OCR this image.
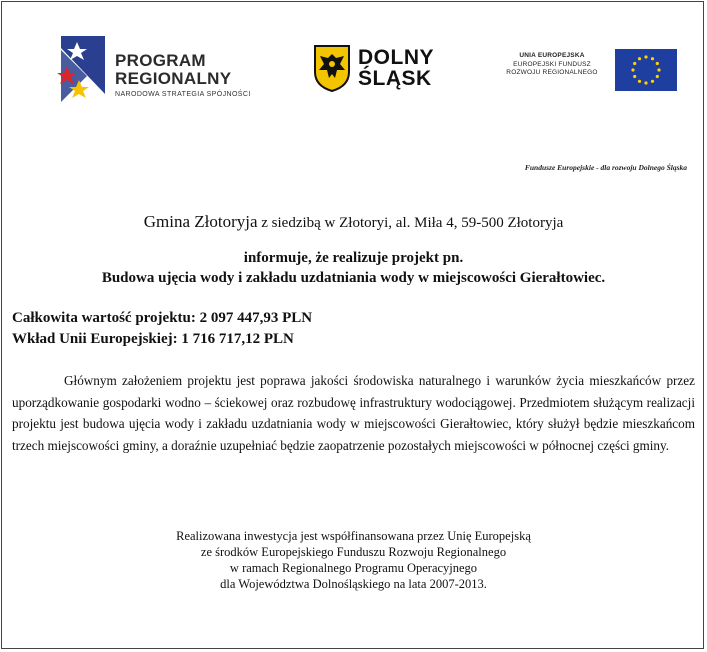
PROGRAM
REGIONALNY
NARODOWA STRATEGIA SPÓJNOŚCI
DOLNY
ŚLĄSK
UNIA EUROPEJSKA
EUROPEJSKI FUNDUSZ
ROZWOJU REGIONALNEGO
Fundusze Europejskie - dla rozwoju Dolnego Śląska
Gmina Złotoryja z siedzibą w Złotoryi, al. Miła 4, 59-500 Złotoryja
informuje, że realizuje projekt pn.
Budowa ujęcia wody i zakładu uzdatniania wody w miejscowości Gierałtowiec.
Całkowita wartość projektu: 2 097 447,93 PLN
Wkład Unii Europejskiej: 1 716 717,12 PLN
Głównym założeniem projektu jest poprawa jakości środowiska naturalnego i warunków życia mieszkańców przez uporządkowanie gospodarki wodno – ściekowej oraz rozbudowę infrastruktury wodociągowej. Przedmiotem służącym realizacji projektu jest budowa ujęcia wody i zakładu uzdatniania wody w miejscowości Gierałtowiec, który służył będzie mieszkańcom trzech miejscowości gminy, a doraźnie uzupełniać będzie zaopatrzenie pozostałych miejscowości w północnej części gminy.
Realizowana inwestycja jest współfinansowana przez Unię Europejską
ze środków Europejskiego Funduszu Rozwoju Regionalnego
w ramach Regionalnego Programu Operacyjnego
dla Województwa Dolnośląskiego na lata 2007-2013.
